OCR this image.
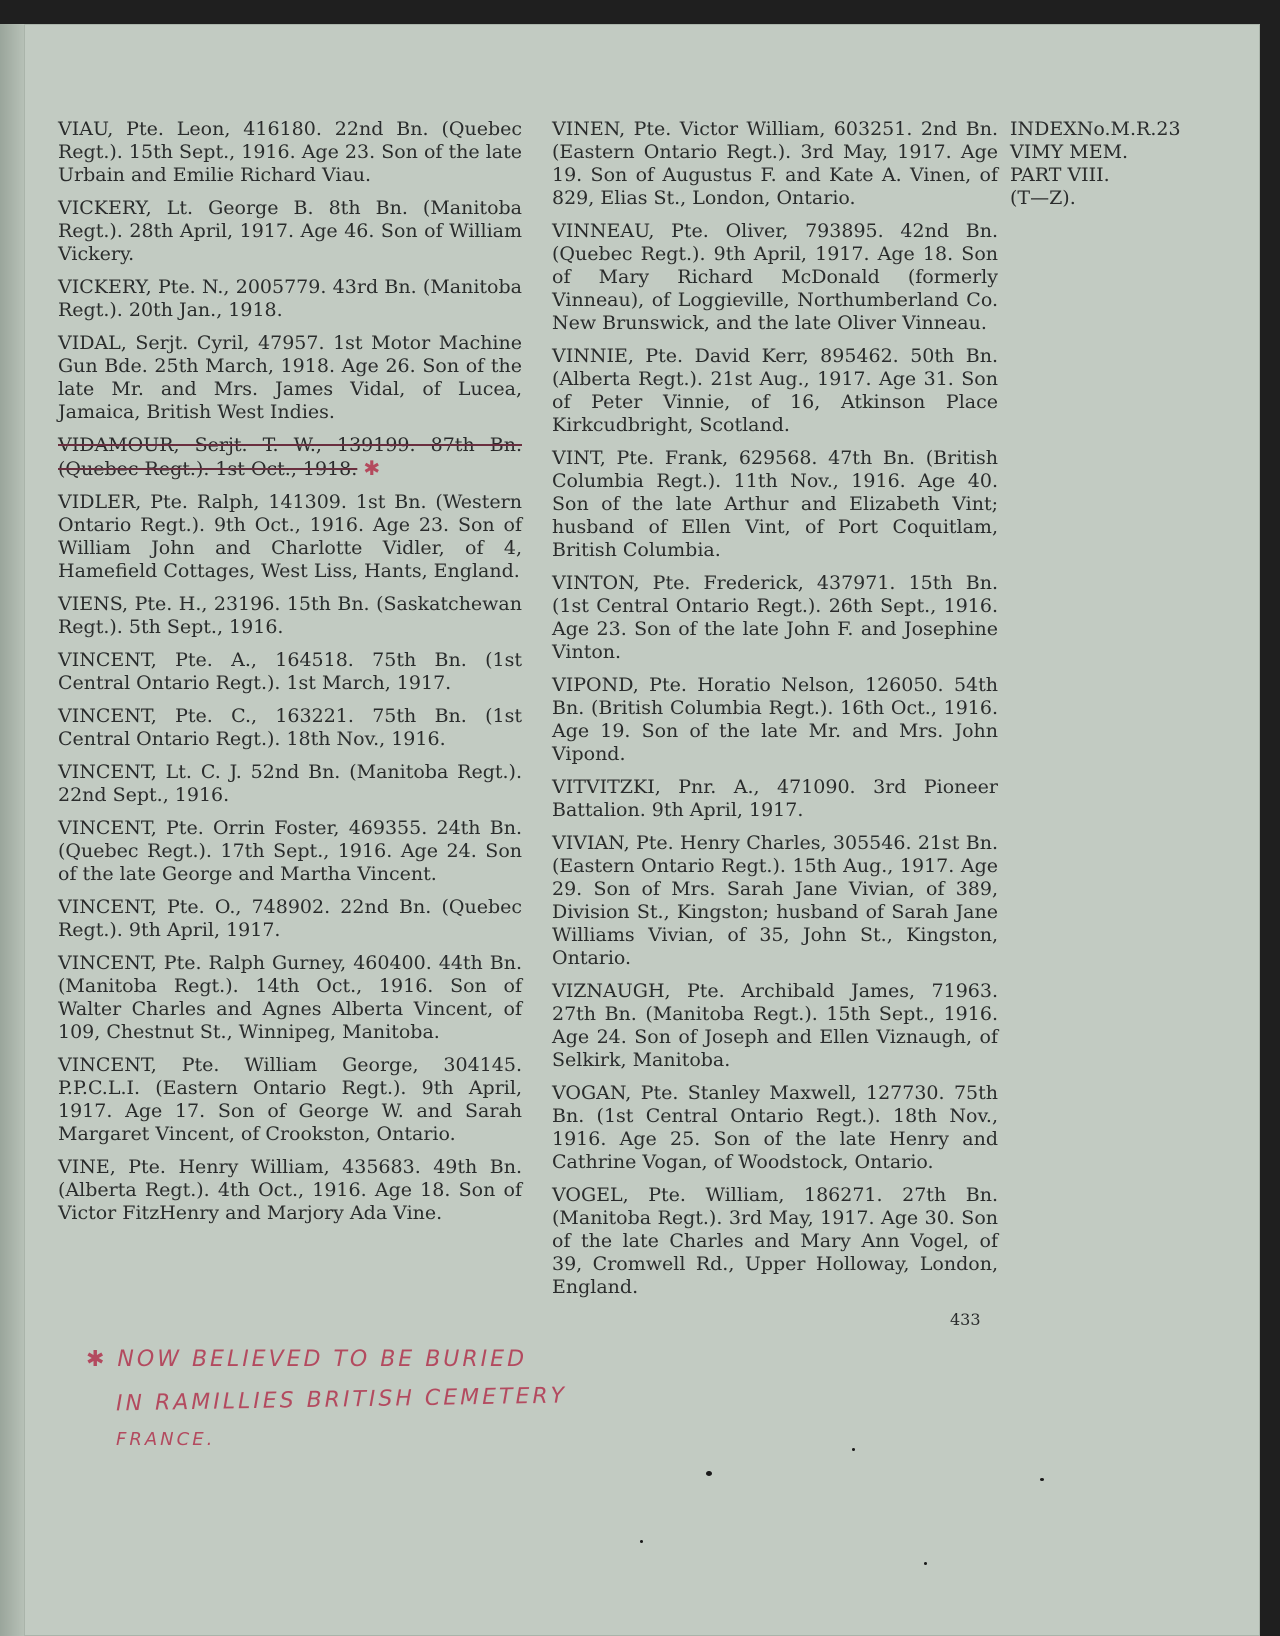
VIAU, Pte. Leon, 416180. 22nd Bn. (Quebec Regt.). 15th Sept., 1916. Age 23. Son of the late Urbain and Emilie Richard Viau.

VICKERY, Lt. George B. 8th Bn. (Manitoba Regt.). 28th April, 1917. Age 46. Son of William Vickery.

VICKERY, Pte. N., 2005779. 43rd Bn. (Manitoba Regt.). 20th Jan., 1918.

VIDAL, Serjt. Cyril, 47957. 1st Motor Machine Gun Bde. 25th March, 1918. Age 26. Son of the late Mr. and Mrs. James Vidal, of Lucea, Jamaica, British West Indies.

VIDAMOUR, Serjt. T. W., 139199. 87th Bn. (Quebec Regt.). 1st Oct., 1918. ✱

VIDLER, Pte. Ralph, 141309. 1st Bn. (Western Ontario Regt.). 9th Oct., 1916. Age 23. Son of William John and Charlotte Vidler, of 4, Hamefield Cottages, West Liss, Hants, England.

VIENS, Pte. H., 23196. 15th Bn. (Saskatchewan Regt.). 5th Sept., 1916.

VINCENT, Pte. A., 164518. 75th Bn. (1st Central Ontario Regt.). 1st March, 1917.

VINCENT, Pte. C., 163221. 75th Bn. (1st Central Ontario Regt.). 18th Nov., 1916.

VINCENT, Lt. C. J. 52nd Bn. (Manitoba Regt.). 22nd Sept., 1916.

VINCENT, Pte. Orrin Foster, 469355. 24th Bn. (Quebec Regt.). 17th Sept., 1916. Age 24. Son of the late George and Martha Vincent.

VINCENT, Pte. O., 748902. 22nd Bn. (Quebec Regt.). 9th April, 1917.

VINCENT, Pte. Ralph Gurney, 460400. 44th Bn. (Manitoba Regt.). 14th Oct., 1916. Son of Walter Charles and Agnes Alberta Vincent, of 109, Chestnut St., Winnipeg, Manitoba.

VINCENT, Pte. William George, 304145. P.P.C.L.I. (Eastern Ontario Regt.). 9th April, 1917. Age 17. Son of George W. and Sarah Margaret Vincent, of Crookston, Ontario.

VINE, Pte. Henry William, 435683. 49th Bn. (Alberta Regt.). 4th Oct., 1916. Age 18. Son of Victor FitzHenry and Marjory Ada Vine.

VINEN, Pte. Victor William, 603251. 2nd Bn. (Eastern Ontario Regt.). 3rd May, 1917. Age 19. Son of Augustus F. and Kate A. Vinen, of 829, Elias St., London, Ontario.

VINNEAU, Pte. Oliver, 793895. 42nd Bn. (Quebec Regt.). 9th April, 1917. Age 18. Son of Mary Richard McDonald (formerly Vinneau), of Loggieville, Northumberland Co. New Brunswick, and the late Oliver Vinneau.

VINNIE, Pte. David Kerr, 895462. 50th Bn. (Alberta Regt.). 21st Aug., 1917. Age 31. Son of Peter Vinnie, of 16, Atkinson Place Kirkcudbright, Scotland.

VINT, Pte. Frank, 629568. 47th Bn. (British Columbia Regt.). 11th Nov., 1916. Age 40. Son of the late Arthur and Elizabeth Vint; husband of Ellen Vint, of Port Coquitlam, British Columbia.

VINTON, Pte. Frederick, 437971. 15th Bn. (1st Central Ontario Regt.). 26th Sept., 1916. Age 23. Son of the late John F. and Josephine Vinton.

VIPOND, Pte. Horatio Nelson, 126050. 54th Bn. (British Columbia Regt.). 16th Oct., 1916. Age 19. Son of the late Mr. and Mrs. John Vipond.

VITVITZKI, Pnr. A., 471090. 3rd Pioneer Battalion. 9th April, 1917.

VIVIAN, Pte. Henry Charles, 305546. 21st Bn. (Eastern Ontario Regt.). 15th Aug., 1917. Age 29. Son of Mrs. Sarah Jane Vivian, of 389, Division St., Kingston; husband of Sarah Jane Williams Vivian, of 35, John St., Kingston, Ontario.

VIZNAUGH, Pte. Archibald James, 71963. 27th Bn. (Manitoba Regt.). 15th Sept., 1916. Age 24. Son of Joseph and Ellen Viznaugh, of Selkirk, Manitoba.

VOGAN, Pte. Stanley Maxwell, 127730. 75th Bn. (1st Central Ontario Regt.). 18th Nov., 1916. Age 25. Son of the late Henry and Cathrine Vogan, of Woodstock, Ontario.

VOGEL, Pte. William, 186271. 27th Bn. (Manitoba Regt.). 3rd May, 1917. Age 30. Son of the late Charles and Mary Ann Vogel, of 39, Cromwell Rd., Upper Holloway, London, England.

INDEXNo.M.R.23
VIMY MEM.
PART VIII.
(T—Z).
433
✱ NOW BELIEVED TO BE BURIED
IN RAMILLIES BRITISH CEMETERY
FRANCE.
